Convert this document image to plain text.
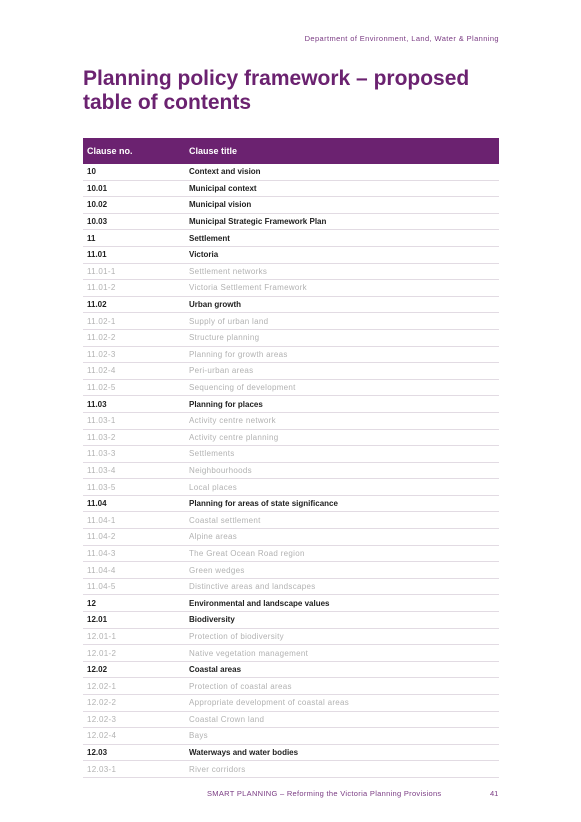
Department of Environment, Land, Water & Planning
Planning policy framework – proposed table of contents
Clause no.	Clause title
10	Context and vision
10.01	Municipal context
10.02	Municipal vision
10.03	Municipal Strategic Framework Plan
11	Settlement
11.01	Victoria
11.01-1	Settlement networks
11.01-2	Victoria Settlement Framework
11.02	Urban growth
11.02-1	Supply of urban land
11.02-2	Structure planning
11.02-3	Planning for growth areas
11.02-4	Peri-urban areas
11.02-5	Sequencing of development
11.03	Planning for places
11.03-1	Activity centre network
11.03-2	Activity centre planning
11.03-3	Settlements
11.03-4	Neighbourhoods
11.03-5	Local places
11.04	Planning for areas of state significance
11.04-1	Coastal settlement
11.04-2	Alpine areas
11.04-3	The Great Ocean Road region
11.04-4	Green wedges
11.04-5	Distinctive areas and landscapes
12	Environmental and landscape values
12.01	Biodiversity
12.01-1	Protection of biodiversity
12.01-2	Native vegetation management
12.02	Coastal areas
12.02-1	Protection of coastal areas
12.02-2	Appropriate development of coastal areas
12.02-3	Coastal Crown land
12.02-4	Bays
12.03	Waterways and water bodies
12.03-1	River corridors
SMART PLANNING – Reforming the Victoria Planning Provisions	41
